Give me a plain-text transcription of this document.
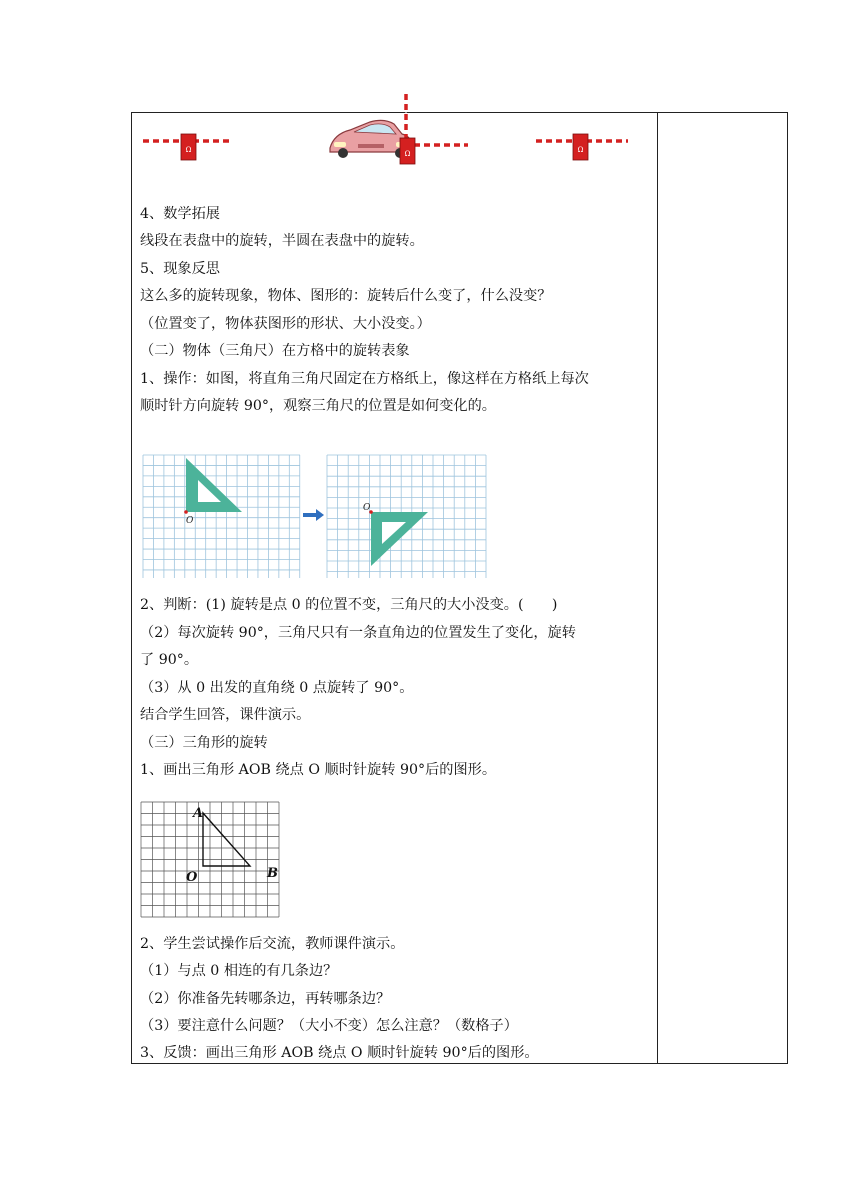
Ω	Ω	Ω
4、数学拓展
线段在表盘中的旋转，半圆在表盘中的旋转。
5、现象反思
这么多的旋转现象，物体、图形的：旋转后什么变了，什么没变？
（位置变了，物体获图形的形状、大小没变。）
（二）物体（三角尺）在方格中的旋转表象
1、操作：如图，将直角三角尺固定在方格纸上，像这样在方格纸上每次
顺时针方向旋转 90°，观察三角尺的位置是如何变化的。
2、判断：(1) 旋转是点 0 的位置不变，三角尺的大小没变。(　　)
（2）每次旋转 90°，三角尺只有一条直角边的位置发生了变化，旋转
了 90°。
（3）从 0 出发的直角绕 0 点旋转了 90°。
结合学生回答，课件演示。
（三）三角形的旋转
1、画出三角形 AOB 绕点 O 顺时针旋转 90°后的图形。
2、学生尝试操作后交流，教师课件演示。
（1）与点 0 相连的有几条边？
（2）你准备先转哪条边，再转哪条边？
（3）要注意什么问题？（大小不变）怎么注意？（数格子）
3、反馈：画出三角形 AOB 绕点 O 顺时针旋转 90°后的图形。
O
O
A
O	B
